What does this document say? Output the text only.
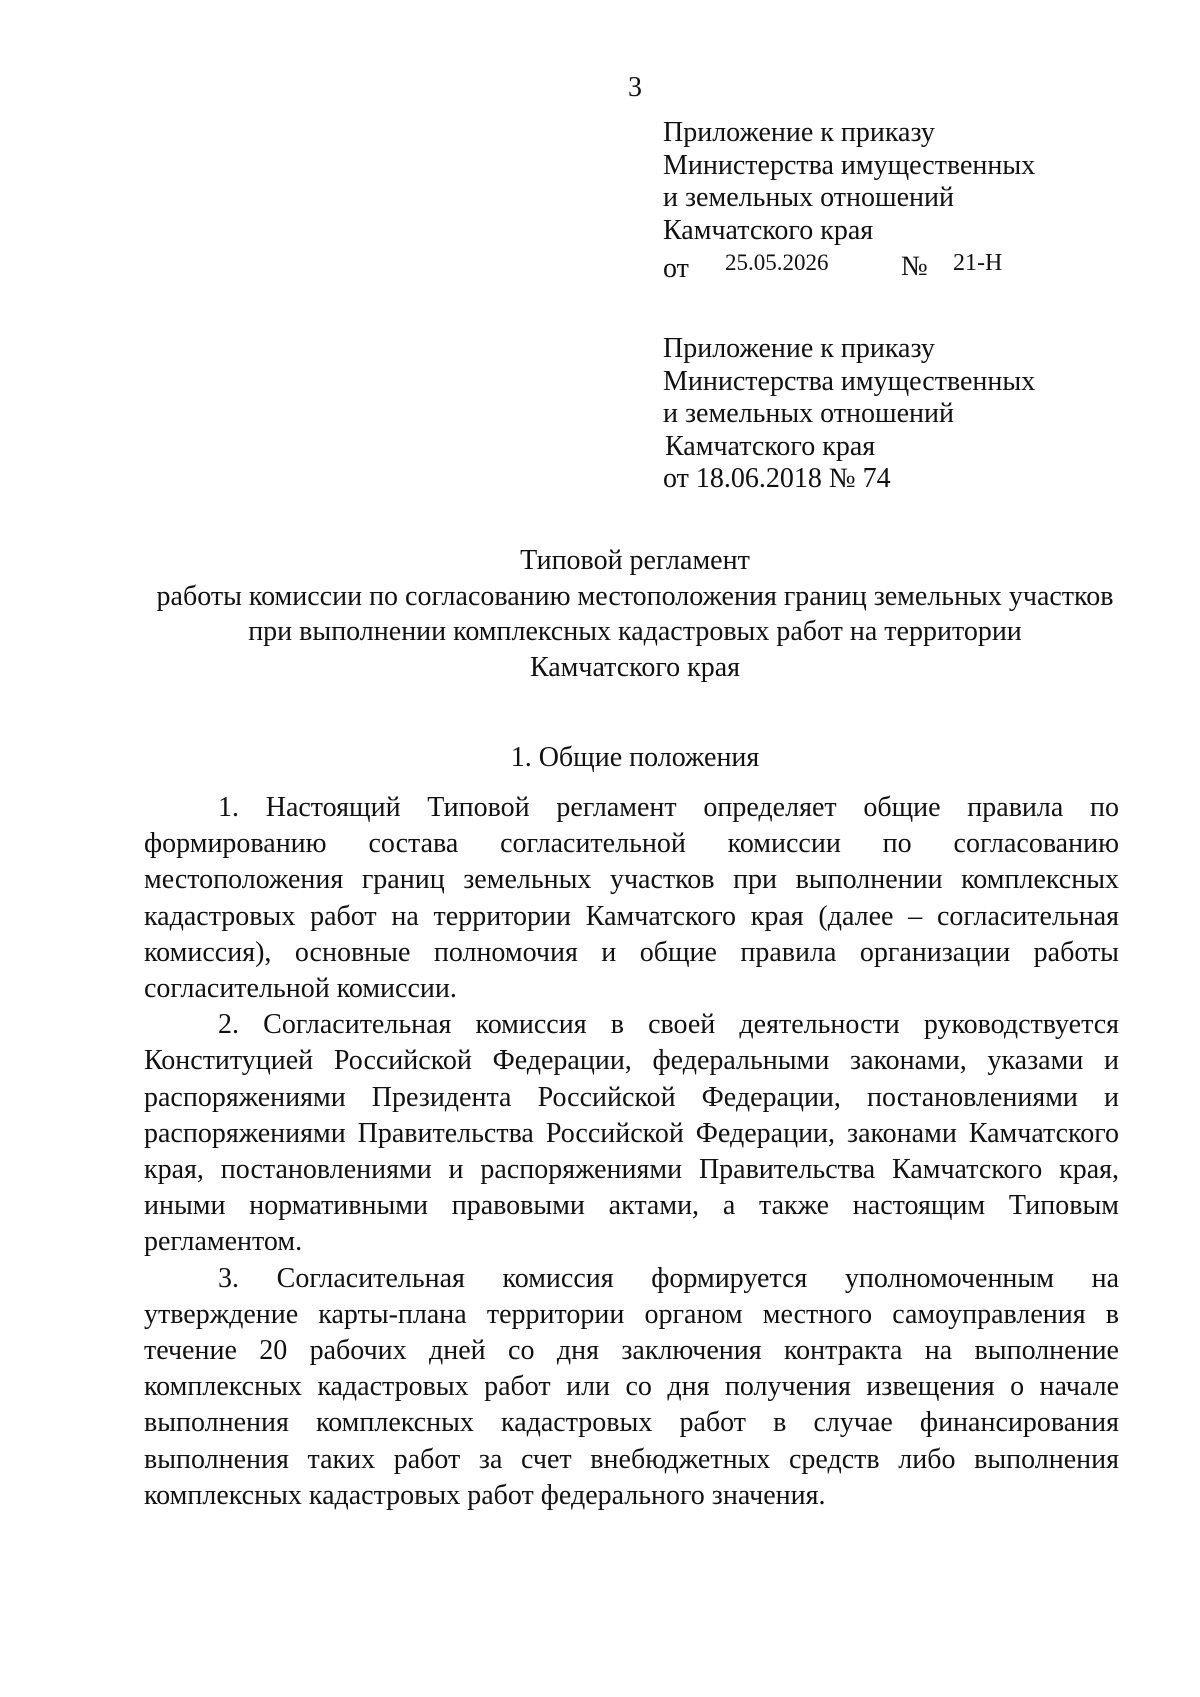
3
Приложение к приказу
Министерства имущественных
и земельных отношений
Камчатского края
от 25.05.2026	№ 21-Н
Приложение к приказу
Министерства имущественных
и земельных отношений
Камчатского края
от 18.06.2018 № 74
Типовой регламент
работы комиссии по согласованию местоположения границ земельных участков
при выполнении комплексных кадастровых работ на территории
Камчатского края
1. Общие положения

1. Настоящий Типовой регламент определяет общие правила по формированию состава согласительной комиссии по согласованию местоположения границ земельных участков при выполнении комплексных кадастровых работ на территории Камчатского края (далее – согласительная комиссия), основные полномочия и общие правила организации работы согласительной комиссии.

2. Согласительная комиссия в своей деятельности руководствуется Конституцией Российской Федерации, федеральными законами, указами и распоряжениями Президента Российской Федерации, постановлениями и распоряжениями Правительства Российской Федерации, законами Камчатского края, постановлениями и распоряжениями Правительства Камчатского края, иными нормативными правовыми актами, а также настоящим Типовым регламентом.

3. Согласительная комиссия формируется уполномоченным на утверждение карты-плана территории органом местного самоуправления в течение 20 рабочих дней со дня заключения контракта на выполнение комплексных кадастровых работ или со дня получения извещения о начале выполнения комплексных кадастровых работ в случае финансирования выполнения таких работ за счет внебюджетных средств либо выполнения комплексных кадастровых работ федерального значения.
